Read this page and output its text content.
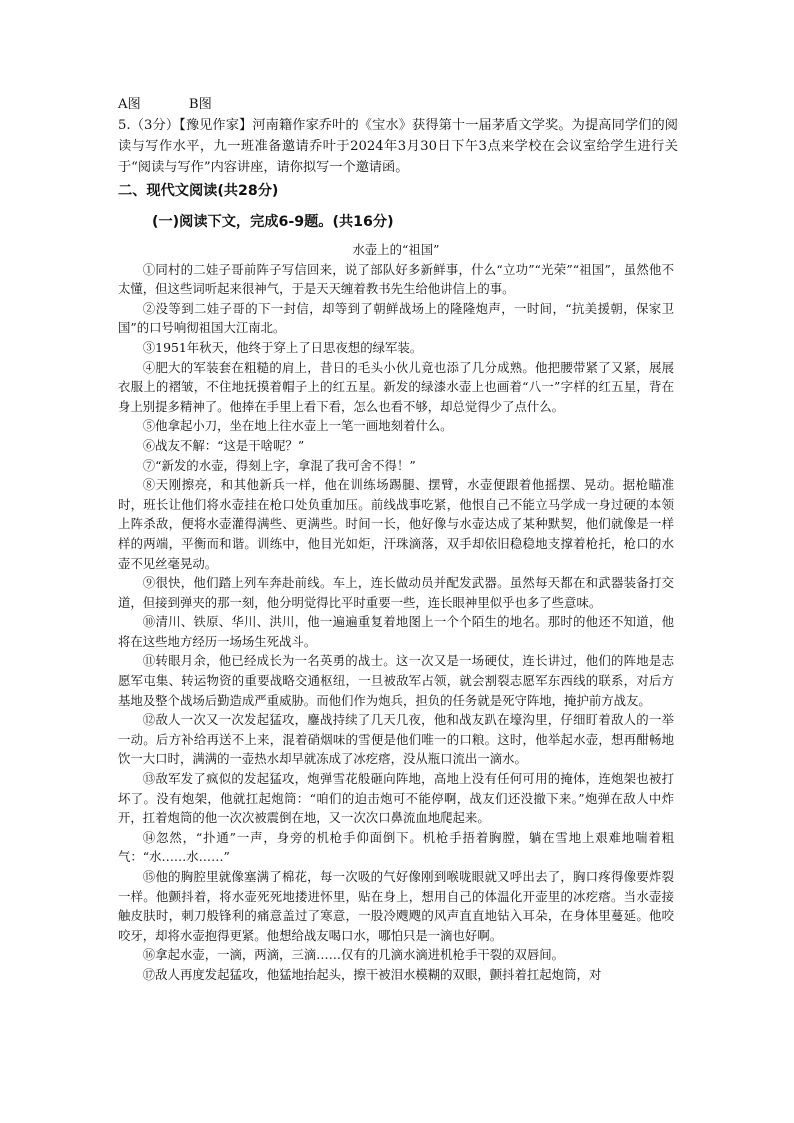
A图	B图

5.（3分）【豫见作家】河南籍作家乔叶的《宝水》获得第十一届茅盾文学奖。为提高同学们的阅读与写作水平，九一班准备邀请乔叶于2024年3月30日下午3点来学校在会议室给学生进行关于“阅读与写作”内容讲座，请你拟写一个邀请函。

二、现代文阅读(共28分)
(一)阅读下文，完成6-9题。(共16分)

水壶上的“祖国”

①同村的二娃子哥前阵子写信回来，说了部队好多新鲜事，什么“立功”“光荣”“祖国”，虽然他不太懂，但这些词听起来很神气，于是天天缠着教书先生给他讲信上的事。

②没等到二娃子哥的下一封信，却等到了朝鲜战场上的隆隆炮声，一时间，“抗美援朝，保家卫国”的口号响彻祖国大江南北。

③1951年秋天，他终于穿上了日思夜想的绿军装。

④肥大的军装套在粗糙的肩上，昔日的毛头小伙儿竟也添了几分成熟。他把腰带紧了又紧，展展衣服上的褶皱，不住地抚摸着帽子上的红五星。新发的绿漆水壶上也画着“八一”字样的红五星，背在身上别提多精神了。他捧在手里上看下看，怎么也看不够，却总觉得少了点什么。

⑤他拿起小刀，坐在地上往水壶上一笔一画地刻着什么。

⑥战友不解：“这是干啥呢？”

⑦“新发的水壶，得刻上字，拿混了我可舍不得！”

⑧天刚擦亮，和其他新兵一样，他在训练场踢腿、摆臂，水壶便跟着他摇摆、晃动。据枪瞄准时，班长让他们将水壶挂在枪口处负重加压。前线战事吃紧，他恨自己不能立马学成一身过硬的本领上阵杀敌，便将水壶灌得满些、更满些。时间一长，他好像与水壶达成了某种默契，他们就像是一样样的两端，平衡而和谐。训练中，他目光如炬，汗珠滴落，双手却依旧稳稳地支撑着枪托，枪口的水壶不见丝毫晃动。

⑨很快，他们踏上列车奔赴前线。车上，连长做动员并配发武器。虽然每天都在和武器装备打交道，但接到弹夹的那一刻，他分明觉得比平时重要一些，连长眼神里似乎也多了些意味。

⑩清川、铁原、华川、洪川，他一遍遍重复着地图上一个个陌生的地名。那时的他还不知道，他将在这些地方经历一场场生死战斗。

⑪转眼月余，他已经成长为一名英勇的战士。这一次又是一场硬仗，连长讲过，他们的阵地是志愿军屯集、转运物资的重要战略交通枢纽，一旦被敌军占领，就会割裂志愿军东西线的联系，对后方基地及整个战场后勤造成严重威胁。而他们作为炮兵，担负的任务就是死守阵地，掩护前方战友。

⑫敌人一次又一次发起猛攻，鏖战持续了几天几夜，他和战友趴在壕沟里，仔细盯着敌人的一举一动。后方补给再送不上来，混着硝烟味的雪便是他们唯一的口粮。这时，他举起水壶，想再酣畅地饮一大口时，满满的一壶热水却早就冻成了冰疙瘩，没从瓶口流出一滴水。

⑬敌军发了疯似的发起猛攻，炮弹雪花般砸向阵地，高地上没有任何可用的掩体，连炮架也被打坏了。没有炮架，他就扛起炮筒：“咱们的迫击炮可不能停啊，战友们还没撤下来。”炮弹在敌人中炸开，扛着炮筒的他一次次被震倒在地，又一次次口鼻流血地爬起来。

⑭忽然，“扑通”一声，身旁的机枪手仰面倒下。机枪手捂着胸膛，躺在雪地上艰难地喘着粗气：“水……水……”

⑮他的胸腔里就像塞满了棉花，每一次吸的气好像刚到喉咙眼就又呼出去了，胸口疼得像要炸裂一样。他颤抖着，将水壶死死地搂进怀里，贴在身上，想用自己的体温化开壶里的冰疙瘩。当水壶接触皮肤时，刺刀般锋利的痛意盖过了寒意，一股冷飕飕的风声直直地钻入耳朵，在身体里蔓延。他咬咬牙，却将水壶抱得更紧。他想给战友喝口水，哪怕只是一滴也好啊。

⑯拿起水壶，一滴，两滴，三滴……仅有的几滴水滴进机枪手干裂的双唇间。

⑰敌人再度发起猛攻，他猛地抬起头，擦干被泪水模糊的双眼，颤抖着扛起炮筒，对
